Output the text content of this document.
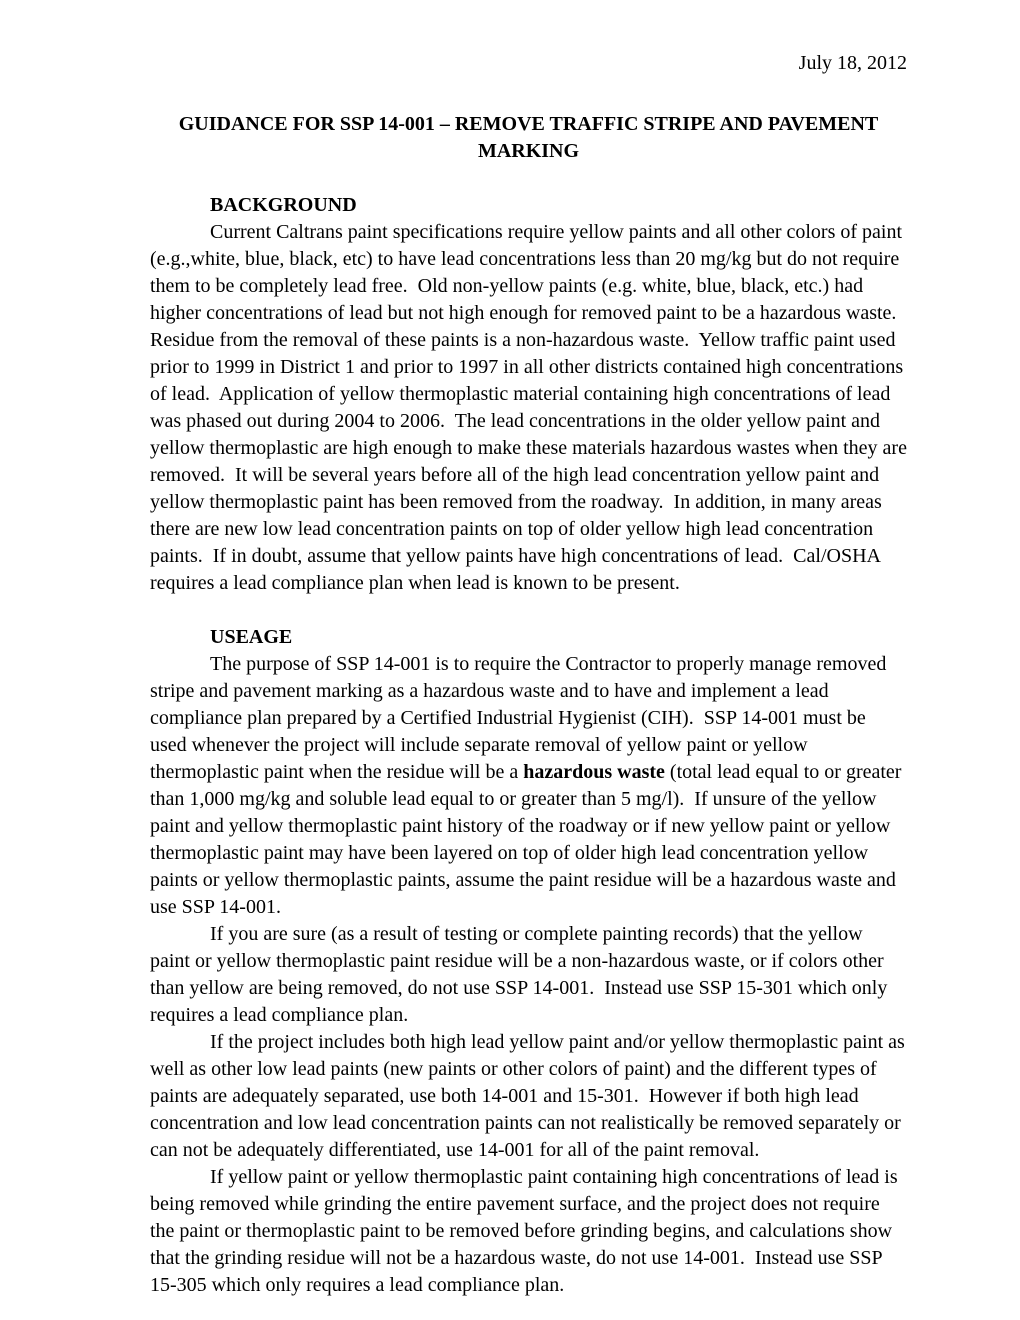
July 18, 2012
GUIDANCE FOR SSP 14-001 – REMOVE TRAFFIC STRIPE AND PAVEMENT
MARKING

BACKGROUND

Current Caltrans paint specifications require yellow paints and all other colors of paint (e.g.,white, blue, black, etc) to have lead concentrations less than 20 mg/kg but do not require them to be completely lead free.  Old non-yellow paints (e.g. white, blue, black, etc.) had higher concentrations of lead but not high enough for removed paint to be a hazardous waste.  Residue from the removal of these paints is a non-hazardous waste.  Yellow traffic paint used prior to 1999 in District 1 and prior to 1997 in all other districts contained high concentrations of lead.  Application of yellow thermoplastic material containing high concentrations of lead was phased out during 2004 to 2006.  The lead concentrations in the older yellow paint and yellow thermoplastic are high enough to make these materials hazardous wastes when they are removed.  It will be several years before all of the high lead concentration yellow paint and yellow thermoplastic paint has been removed from the roadway.  In addition, in many areas there are new low lead concentration paints on top of older yellow high lead concentration paints.  If in doubt, assume that yellow paints have high concentrations of lead.  Cal/OSHA requires a lead compliance plan when lead is known to be present.

USEAGE

The purpose of SSP 14-001 is to require the Contractor to properly manage removed stripe and pavement marking as a hazardous waste and to have and implement a lead compliance plan prepared by a Certified Industrial Hygienist (CIH).  SSP 14-001 must be used whenever the project will include separate removal of yellow paint or yellow thermoplastic paint when the residue will be a hazardous waste (total lead equal to or greater than 1,000 mg/kg and soluble lead equal to or greater than 5 mg/l).  If unsure of the yellow paint and yellow thermoplastic paint history of the roadway or if new yellow paint or yellow thermoplastic paint may have been layered on top of older high lead concentration yellow paints or yellow thermoplastic paints, assume the paint residue will be a hazardous waste and use SSP 14-001.

If you are sure (as a result of testing or complete painting records) that the yellow paint or yellow thermoplastic paint residue will be a non-hazardous waste, or if colors other than yellow are being removed, do not use SSP 14-001.  Instead use SSP 15-301 which only requires a lead compliance plan.

If the project includes both high lead yellow paint and/or yellow thermoplastic paint as well as other low lead paints (new paints or other colors of paint) and the different types of paints are adequately separated, use both 14-001 and 15-301.  However if both high lead concentration and low lead concentration paints can not realistically be removed separately or can not be adequately differentiated, use 14-001 for all of the paint removal.

If yellow paint or yellow thermoplastic paint containing high concentrations of lead is being removed while grinding the entire pavement surface, and the project does not require the paint or thermoplastic paint to be removed before grinding begins, and calculations show that the grinding residue will not be a hazardous waste, do not use 14-001.  Instead use SSP 15-305 which only requires a lead compliance plan.
